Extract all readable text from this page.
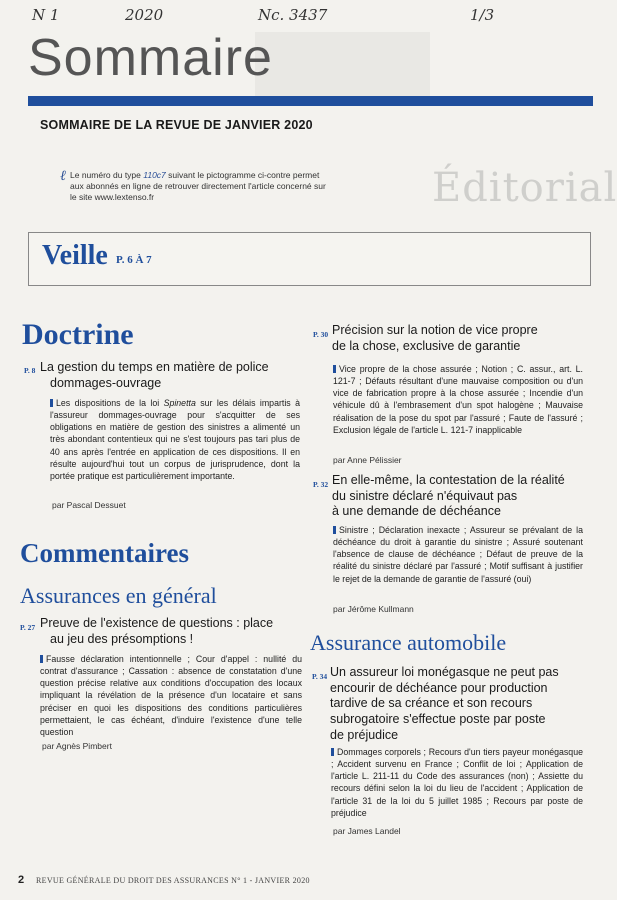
N 1	2020	Nc. 3437	1/3
Sommaire
SOMMAIRE DE LA REVUE DE JANVIER 2020
ℓ Le numéro du type 110c7 suivant le pictogramme ci-contre permet aux abonnés en ligne de retrouver directement l'article concerné sur le site www.lextenso.fr	Éditorial
Veille P. 6 À 7
Doctrine
P. 8 La gestion du temps en matière de police
dommages-ouvrage
Les dispositions de la loi Spinetta sur les délais impartis à l'assureur dommages-ouvrage pour s'acquitter de ses obligations en matière de gestion des sinistres a alimenté un très abondant contentieux qui ne s'est toujours pas tari plus de 40 ans après l'entrée en application de ces dispositions. Il en résulte aujourd'hui tout un corpus de jurisprudence, dont la portée pratique est particulièrement importante.
par Pascal Dessuet
Commentaires
Assurances en général
P. 27 Preuve de l'existence de questions : place
au jeu des présomptions !
Fausse déclaration intentionnelle ; Cour d'appel : nullité du contrat d'assurance ; Cassation : absence de constatation d'une question précise relative aux conditions d'occupation des locaux impliquant la révélation de la présence d'un locataire et sans préciser en quoi les dispositions des conditions particulières permettaient, le cas échéant, d'induire l'existence d'une telle question
par Agnès Pimbert
P. 30 Précision sur la notion de vice propre
de la chose, exclusive de garantie
Vice propre de la chose assurée ; Notion ; C. assur., art. L. 121-7 ; Défauts résultant d'une mauvaise composition ou d'un vice de fabrication propre à la chose assurée ; Incendie d'un véhicule dû à l'embrasement d'un spot halogène ; Mauvaise réalisation de la pose du spot par l'assuré ; Faute de l'assuré ; Exclusion légale de l'article L. 121-7 inapplicable
par Anne Pélissier
P. 32 En elle-même, la contestation de la réalité
du sinistre déclaré n'équivaut pas
à une demande de déchéance
Sinistre ; Déclaration inexacte ; Assureur se prévalant de la déchéance du droit à garantie du sinistre ; Assuré soutenant l'absence de clause de déchéance ; Défaut de preuve de la réalité du sinistre déclaré par l'assuré ; Motif suffisant à justifier le rejet de la demande de garantie de l'assuré (oui)
par Jérôme Kullmann
Assurance automobile
P. 34 Un assureur loi monégasque ne peut pas
encourir de déchéance pour production
tardive de sa créance et son recours
subrogatoire s'effectue poste par poste
de préjudice
Dommages corporels ; Recours d'un tiers payeur monégasque ; Accident survenu en France ; Conflit de loi ; Application de l'article L. 211-11 du Code des assurances (non) ; Assiette du recours défini selon la loi du lieu de l'accident ; Application de l'article 31 de la loi du 5 juillet 1985 ; Recours par poste de préjudice
par James Landel
2 REVUE GÉNÉRALE DU DROIT DES ASSURANCES N° 1 - JANVIER 2020
